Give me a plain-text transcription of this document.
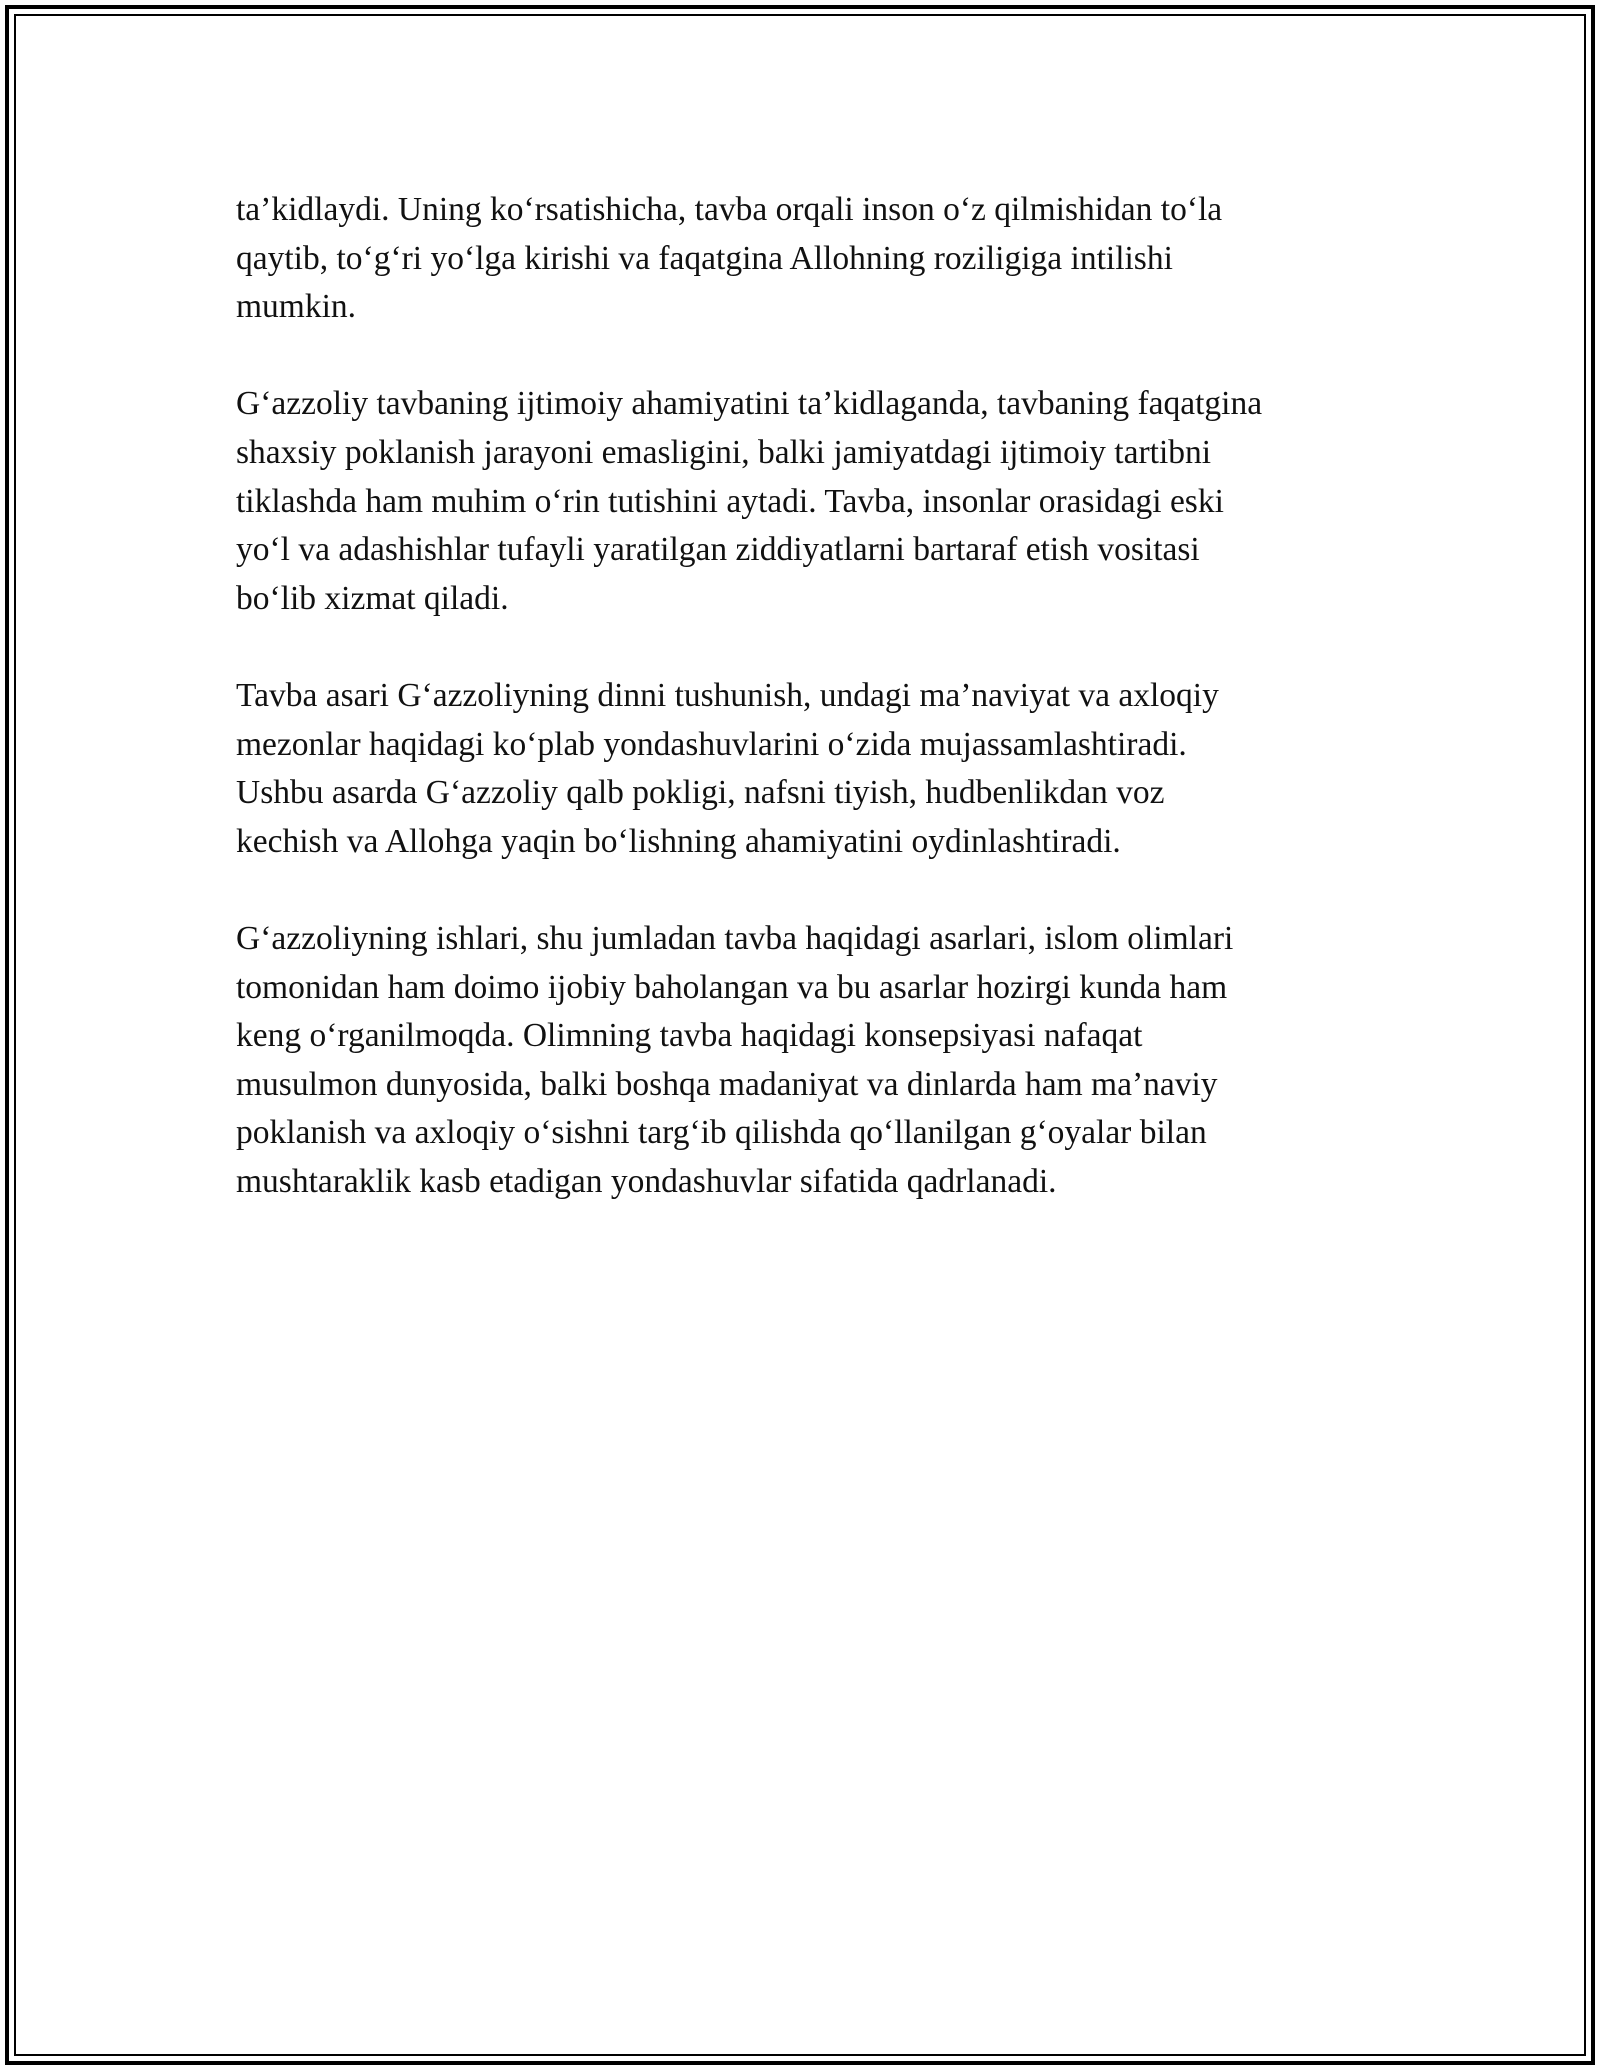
ta’kidlaydi. Uning ko‘rsatishicha, tavba orqali inson o‘z qilmishidan to‘la
qaytib, to‘g‘ri yo‘lga kirishi va faqatgina Allohning roziligiga intilishi
mumkin.

G‘azzoliy tavbaning ijtimoiy ahamiyatini ta’kidlaganda, tavbaning faqatgina
shaxsiy poklanish jarayoni emasligini, balki jamiyatdagi ijtimoiy tartibni
tiklashda ham muhim o‘rin tutishini aytadi. Tavba, insonlar orasidagi eski
yo‘l va adashishlar tufayli yaratilgan ziddiyatlarni bartaraf etish vositasi
bo‘lib xizmat qiladi.

Tavba asari G‘azzoliyning dinni tushunish, undagi ma’naviyat va axloqiy
mezonlar haqidagi ko‘plab yondashuvlarini o‘zida mujassamlashtiradi.
Ushbu asarda G‘azzoliy qalb pokligi, nafsni tiyish, hudbenlikdan voz
kechish va Allohga yaqin bo‘lishning ahamiyatini oydinlashtiradi.

G‘azzoliyning ishlari, shu jumladan tavba haqidagi asarlari, islom olimlari
tomonidan ham doimo ijobiy baholangan va bu asarlar hozirgi kunda ham
keng o‘rganilmoqda. Olimning tavba haqidagi konsepsiyasi nafaqat
musulmon dunyosida, balki boshqa madaniyat va dinlarda ham ma’naviy
poklanish va axloqiy o‘sishni targ‘ib qilishda qo‘llanilgan g‘oyalar bilan
mushtaraklik kasb etadigan yondashuvlar sifatida qadrlanadi.
